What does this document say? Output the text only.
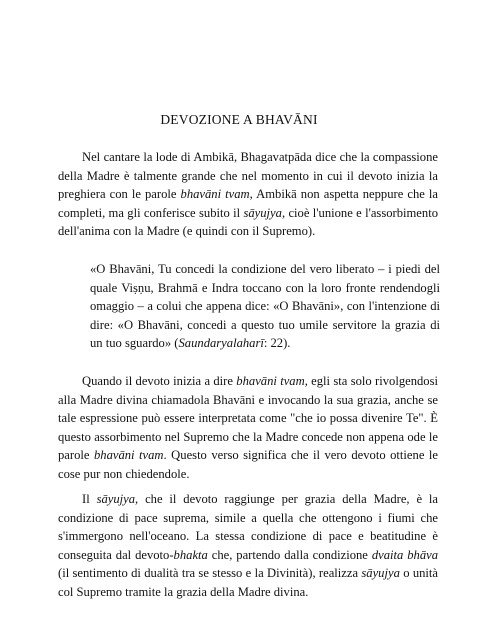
DEVOZIONE A BHAVĀNI

Nel cantare la lode di Ambikā, Bhagavatpāda dice che la compassione della Madre è talmente grande che nel momento in cui il devoto inizia la preghiera con le parole bhavāni tvam, Ambikā non aspetta neppure che la completi, ma gli conferisce subito il sāyujya, cioè l'unione e l'assorbimento dell'anima con la Madre (e quindi con il Supremo).

«O Bhavāni, Tu concedi la condizione del vero liberato – i piedi del quale Viṣṇu, Brahmā e Indra toccano con la loro fronte rendendogli omaggio – a colui che appena dice: «O Bhavāni», con l'intenzione di dire: «O Bhavāni, concedi a questo tuo umile servitore la grazia di un tuo sguardo» (Saundaryalaharī: 22).

Quando il devoto inizia a dire bhavāni tvam, egli sta solo rivolgendosi alla Madre divina chiamadola Bhavāni e invocando la sua grazia, anche se tale espressione può essere interpretata come "che io possa divenire Te". È questo assorbimento nel Supremo che la Madre concede non appena ode le parole bhavāni tvam. Questo verso significa che il vero devoto ottiene le cose pur non chiedendole.

Il sāyujya, che il devoto raggiunge per grazia della Madre, è la condizione di pace suprema, simile a quella che ottengono i fiumi che s'immergono nell'oceano. La stessa condizione di pace e beatitudine è conseguita dal devoto-bhakta che, partendo dalla condizione dvaita bhāva (il sentimento di dualità tra se stesso e la Divinità), realizza sāyujya o unità col Supremo tramite la grazia della Madre divina.
